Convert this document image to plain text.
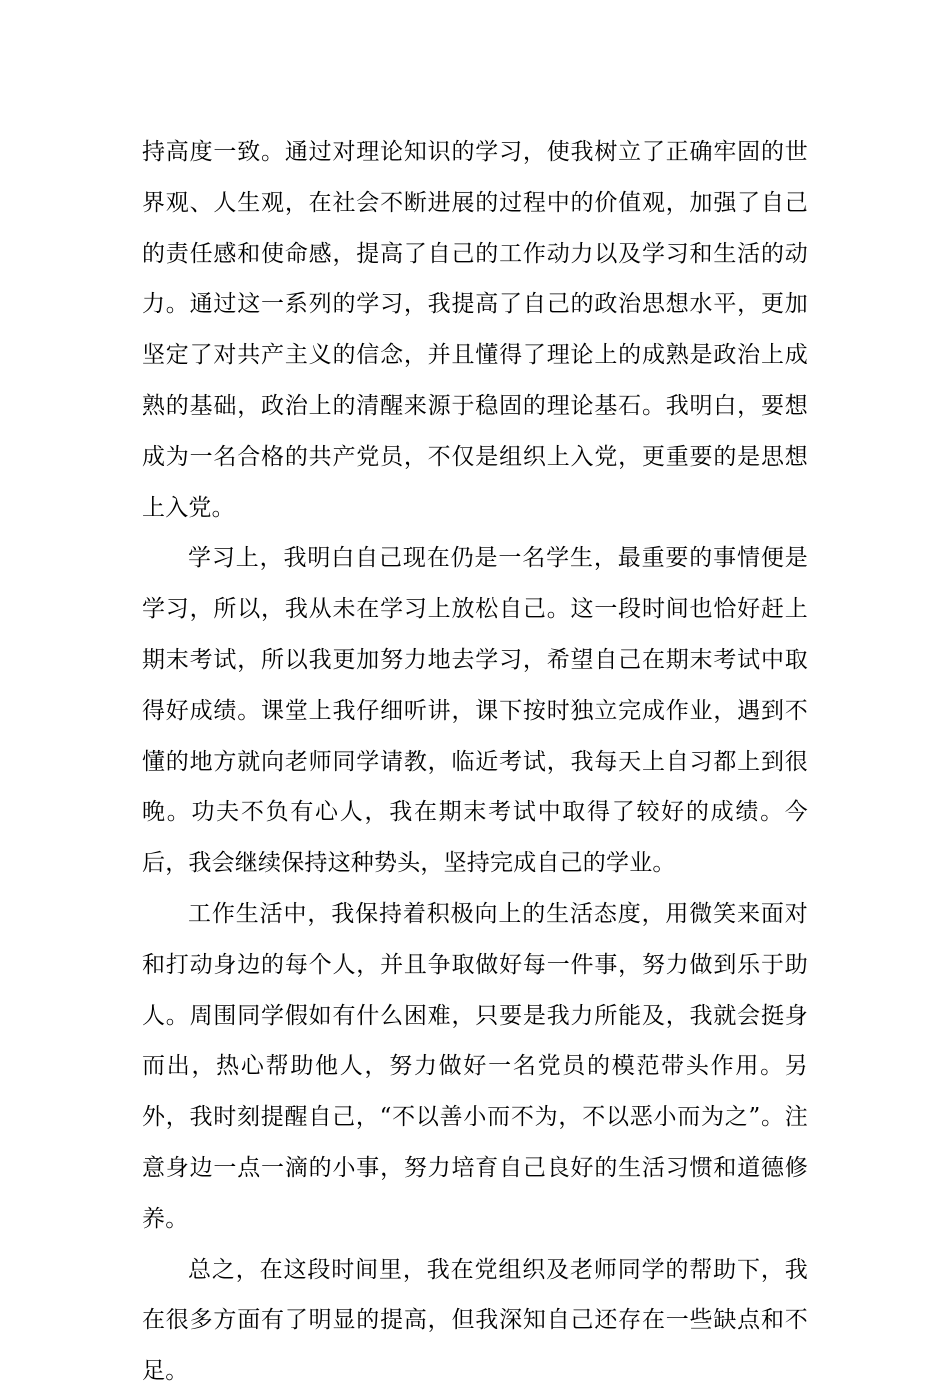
持高度一致。通过对理论知识的学习，使我树立了正确牢固的世界观、人生观，在社会不断进展的过程中的价值观，加强了自己的责任感和使命感，提高了自己的工作动力以及学习和生活的动力。通过这一系列的学习，我提高了自己的政治思想水平，更加坚定了对共产主义的信念，并且懂得了理论上的成熟是政治上成熟的基础，政治上的清醒来源于稳固的理论基石。我明白，要想成为一名合格的共产党员，不仅是组织上入党，更重要的是思想上入党。

学习上，我明白自己现在仍是一名学生，最重要的事情便是学习，所以，我从未在学习上放松自己。这一段时间也恰好赶上期末考试，所以我更加努力地去学习，希望自己在期末考试中取得好成绩。课堂上我仔细听讲，课下按时独立完成作业，遇到不懂的地方就向老师同学请教，临近考试，我每天上自习都上到很晚。功夫不负有心人，我在期末考试中取得了较好的成绩。今后，我会继续保持这种势头，坚持完成自己的学业。

工作生活中，我保持着积极向上的生活态度，用微笑来面对和打动身边的每个人，并且争取做好每一件事，努力做到乐于助人。周围同学假如有什么困难，只要是我力所能及，我就会挺身而出，热心帮助他人，努力做好一名党员的模范带头作用。另外，我时刻提醒自己，“不以善小而不为，不以恶小而为之”。注意身边一点一滴的小事，努力培育自己良好的生活习惯和道德修养。

总之，在这段时间里，我在党组织及老师同学的帮助下，我在很多方面有了明显的提高，但我深知自己还存在一些缺点和不足。
